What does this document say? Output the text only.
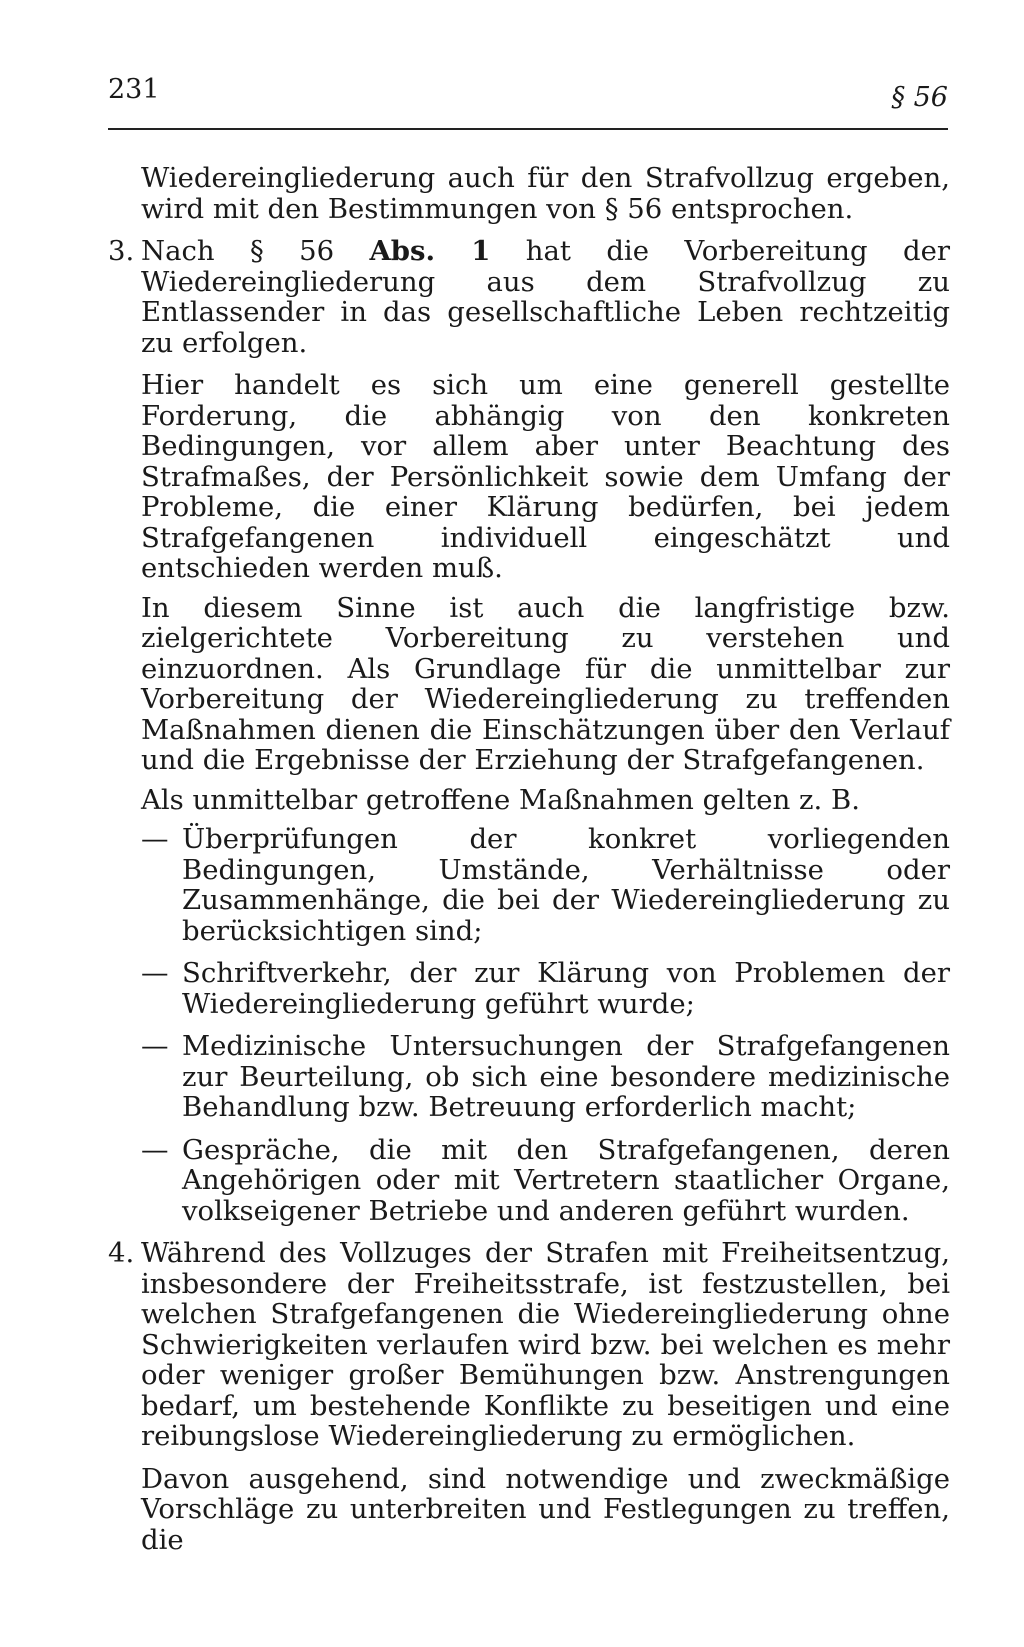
231	§ 56

Wiedereingliederung auch für den Strafvollzug ergeben, wird mit den Bestimmungen von § 56 entsprochen.

3. Nach § 56 Abs. 1 hat die Vorbereitung der Wiedereingliederung aus dem Strafvollzug zu Entlassender in das gesellschaftliche Leben rechtzeitig zu erfolgen.

Hier handelt es sich um eine generell gestellte Forderung, die abhängig von den konkreten Bedingungen, vor allem aber unter Beachtung des Strafmaßes, der Persönlichkeit sowie dem Umfang der Probleme, die einer Klärung bedürfen, bei jedem Strafgefangenen individuell eingeschätzt und entschieden werden muß.

In diesem Sinne ist auch die langfristige bzw. zielgerichtete Vorbereitung zu verstehen und einzuordnen. Als Grundlage für die unmittelbar zur Vorbereitung der Wiedereingliederung zu treffenden Maßnahmen dienen die Einschätzungen über den Verlauf und die Ergebnisse der Erziehung der Strafgefangenen.

Als unmittelbar getroffene Maßnahmen gelten z. B.

— Überprüfungen der konkret vorliegenden Bedingungen, Umstände, Verhältnisse oder Zusammenhänge, die bei der Wiedereingliederung zu berücksichtigen sind;

— Schriftverkehr, der zur Klärung von Problemen der Wiedereingliederung geführt wurde;

— Medizinische Untersuchungen der Strafgefangenen zur Beurteilung, ob sich eine besondere medizinische Behandlung bzw. Betreuung erforderlich macht;

— Gespräche, die mit den Strafgefangenen, deren Angehörigen oder mit Vertretern staatlicher Organe, volkseigener Betriebe und anderen geführt wurden.

4. Während des Vollzuges der Strafen mit Freiheitsentzug, insbesondere der Freiheitsstrafe, ist festzustellen, bei welchen Strafgefangenen die Wiedereingliederung ohne Schwierigkeiten verlaufen wird bzw. bei welchen es mehr oder weniger großer Bemühungen bzw. Anstrengungen bedarf, um bestehende Konflikte zu beseitigen und eine reibungslose Wiedereingliederung zu ermöglichen.

Davon ausgehend, sind notwendige und zweckmäßige Vorschläge zu unterbreiten und Festlegungen zu treffen, die
